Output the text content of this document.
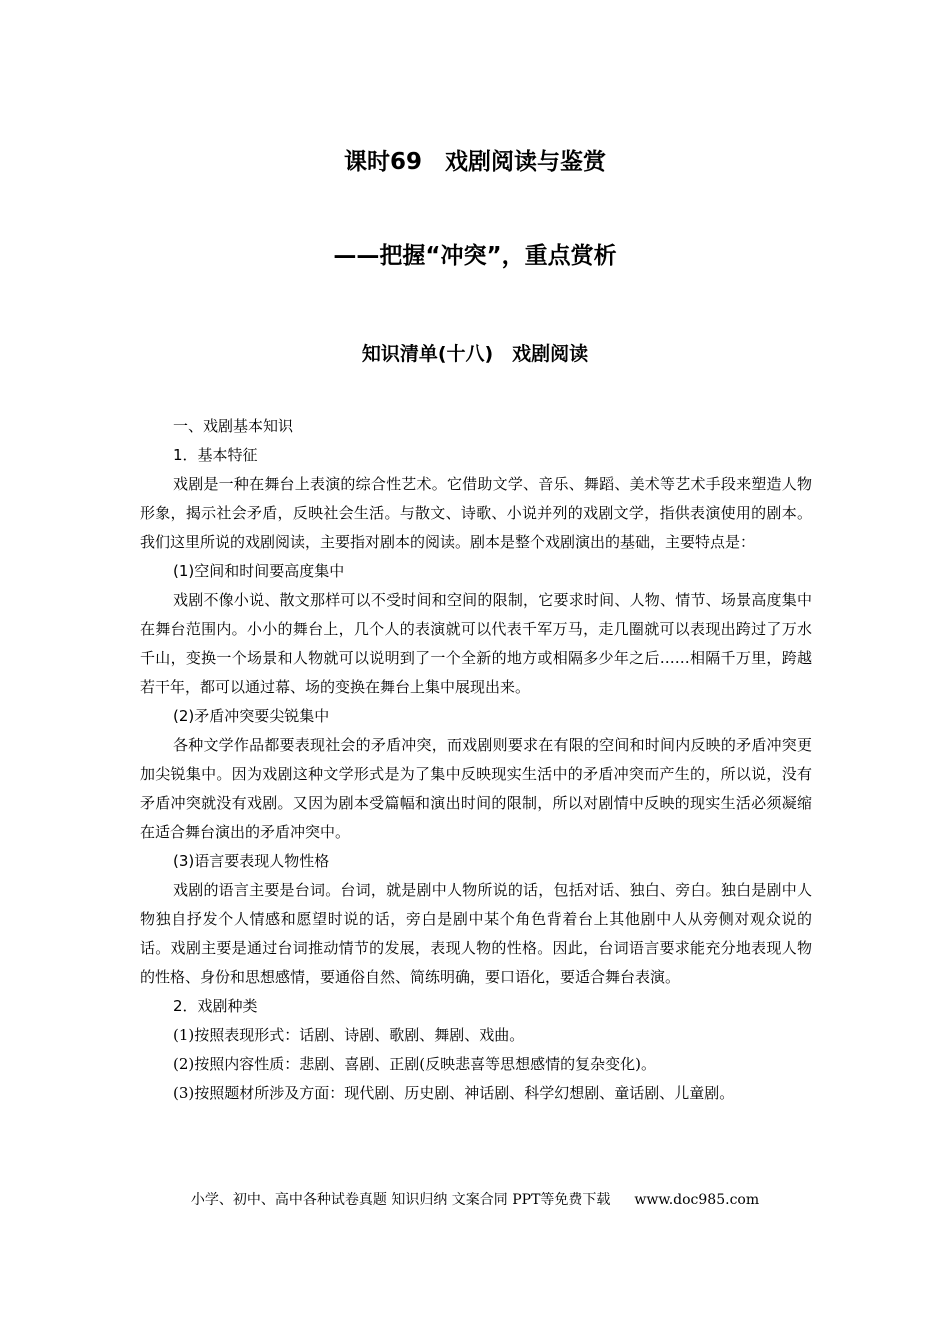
课时69　戏剧阅读与鉴赏
——把握“冲突”，重点赏析
知识清单(十八)　戏剧阅读

一、戏剧基本知识

1．基本特征

戏剧是一种在舞台上表演的综合性艺术。它借助文学、音乐、舞蹈、美术等艺术手段来塑造人物形象，揭示社会矛盾，反映社会生活。与散文、诗歌、小说并列的戏剧文学，指供表演使用的剧本。我们这里所说的戏剧阅读，主要指对剧本的阅读。剧本是整个戏剧演出的基础，主要特点是：

(1)空间和时间要高度集中

戏剧不像小说、散文那样可以不受时间和空间的限制，它要求时间、人物、情节、场景高度集中在舞台范围内。小小的舞台上，几个人的表演就可以代表千军万马，走几圈就可以表现出跨过了万水千山，变换一个场景和人物就可以说明到了一个全新的地方或相隔多少年之后……相隔千万里，跨越若干年，都可以通过幕、场的变换在舞台上集中展现出来。

(2)矛盾冲突要尖锐集中

各种文学作品都要表现社会的矛盾冲突，而戏剧则要求在有限的空间和时间内反映的矛盾冲突更加尖锐集中。因为戏剧这种文学形式是为了集中反映现实生活中的矛盾冲突而产生的，所以说，没有矛盾冲突就没有戏剧。又因为剧本受篇幅和演出时间的限制，所以对剧情中反映的现实生活必须凝缩在适合舞台演出的矛盾冲突中。

(3)语言要表现人物性格

戏剧的语言主要是台词。台词，就是剧中人物所说的话，包括对话、独白、旁白。独白是剧中人物独自抒发个人情感和愿望时说的话，旁白是剧中某个角色背着台上其他剧中人从旁侧对观众说的话。戏剧主要是通过台词推动情节的发展，表现人物的性格。因此，台词语言要求能充分地表现人物的性格、身份和思想感情，要通俗自然、简练明确，要口语化，要适合舞台表演。

2．戏剧种类

(1)按照表现形式：话剧、诗剧、歌剧、舞剧、戏曲。

(2)按照内容性质：悲剧、喜剧、正剧(反映悲喜等思想感情的复杂变化)。

(3)按照题材所涉及方面：现代剧、历史剧、神话剧、科学幻想剧、童话剧、儿童剧。

小学、初中、高中各种试卷真题 知识归纳 文案合同 PPT等免费下载 www.doc985.com
